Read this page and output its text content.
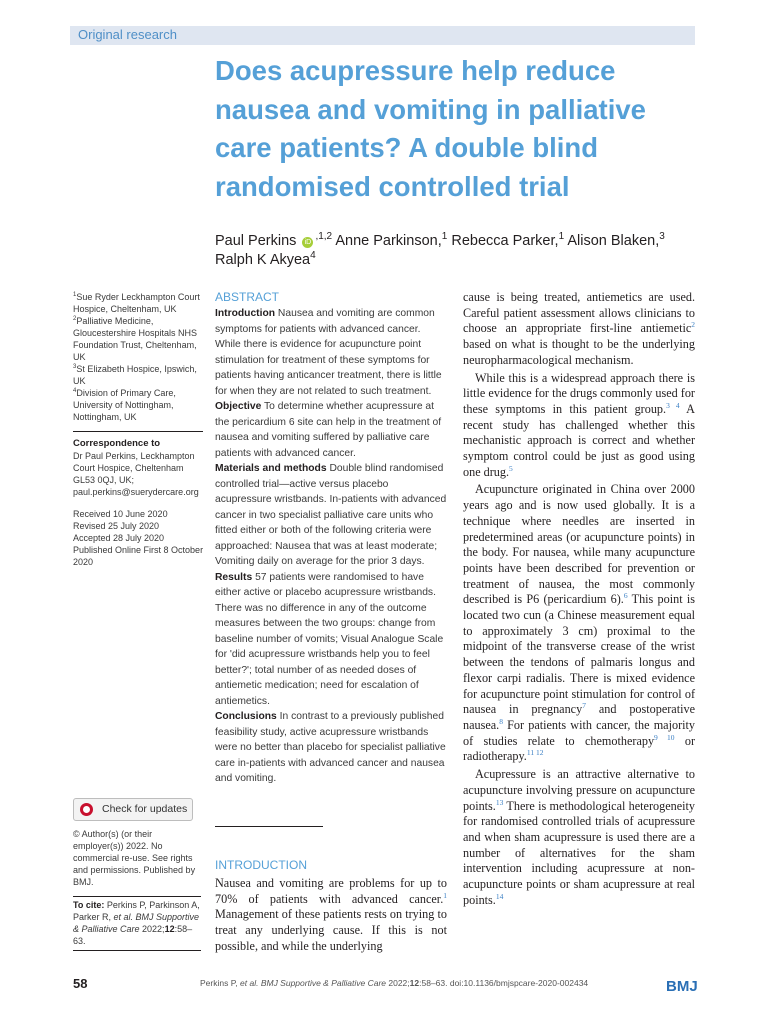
Original research
Does acupressure help reduce nausea and vomiting in palliative care patients? A double blind randomised controlled trial
Paul Perkins $iD^{,1,2}$ Anne Parkinson,$^1$ Rebecca Parker,$^1$ Alison Blaken,$^3$
Ralph K Akyea$^4$

$^1$Sue Ryder Leckhampton Court Hospice, Cheltenham, UK

$^2$Palliative Medicine, Gloucestershire Hospitals NHS Foundation Trust, Cheltenham, UK

$^3$St Elizabeth Hospice, Ipswich, UK

$^4$Division of Primary Care, University of Nottingham, Nottingham, UK

Correspondence to

Dr Paul Perkins, Leckhampton Court Hospice, Cheltenham GL53 0QJ, UK; paul.perkins@suerydercare.org

Received 10 June 2020

Revised 25 July 2020

Accepted 28 July 2020

Published Online First 8 October 2020

Check for updates

© Author(s) (or their employer(s)) 2022. No commercial re-use. See rights and permissions. Published by BMJ.

To cite: Perkins P, Parkinson A, Parker R, et al. BMJ Supportive & Palliative Care 2022;12:58–63.
ABSTRACT

Introduction Nausea and vomiting are common symptoms for patients with advanced cancer. While there is evidence for acupuncture point stimulation for treatment of these symptoms for patients having anticancer treatment, there is little for when they are not related to such treatment.

Objective To determine whether acupressure at the pericardium 6 site can help in the treatment of nausea and vomiting suffered by palliative care patients with advanced cancer.

Materials and methods Double blind randomised controlled trial—active versus placebo acupressure wristbands. In-patients with advanced cancer in two specialist palliative care units who fitted either or both of the following criteria were approached: Nausea that was at least moderate; Vomiting daily on average for the prior 3 days.

Results 57 patients were randomised to have either active or placebo acupressure wristbands. There was no difference in any of the outcome measures between the two groups: change from baseline number of vomits; Visual Analogue Scale for 'did acupressure wristbands help you to feel better?'; total number of as needed doses of antiemetic medication; need for escalation of antiemetics.

Conclusions In contrast to a previously published feasibility study, active acupressure wristbands were no better than placebo for specialist palliative care in-patients with advanced cancer and nausea and vomiting.

INTRODUCTION

Nausea and vomiting are problems for up to 70% of patients with advanced cancer.$^1$ Management of these patients rests on trying to treat any underlying cause. If this is not possible, and while the underlying

cause is being treated, antiemetics are used. Careful patient assessment allows clinicians to choose an appropriate first-line antiemetic$^2$ based on what is thought to be the underlying neuropharmacological mechanism.

While this is a widespread approach there is little evidence for the drugs commonly used for these symptoms in this patient group.$^{3 4}$ A recent study has challenged whether this mechanistic approach is correct and whether symptom control could be just as good using one drug.$^5$

Acupuncture originated in China over 2000 years ago and is now used globally. It is a technique where needles are inserted in predetermined areas (or acupuncture points) in the body. For nausea, while many acupuncture points have been described for prevention or treatment of nausea, the most commonly described is P6 (pericardium 6).$^6$ This point is located two cun (a Chinese measurement equal to approximately 3 cm) proximal to the midpoint of the transverse crease of the wrist between the tendons of palmaris longus and flexor carpi radialis. There is mixed evidence for acupuncture point stimulation for control of nausea in pregnancy$^7$ and postoperative nausea.$^8$ For patients with cancer, the majority of studies relate to chemotherapy$^{9 10}$ or radiotherapy.$^{11 12}$

Acupressure is an attractive alternative to acupuncture involving pressure on acupuncture points.$^{13}$ There is methodological heterogeneity for randomised controlled trials of acupressure and when sham acupressure is used there are a number of alternatives for the sham intervention including acupressure at non-acupuncture points or sham acupressure at real points.$^{14}$

58	Perkins P, et al. BMJ Supportive & Palliative Care 2022;12:58–63. doi:10.1136/bmjspcare-2020-002434	BMJ
